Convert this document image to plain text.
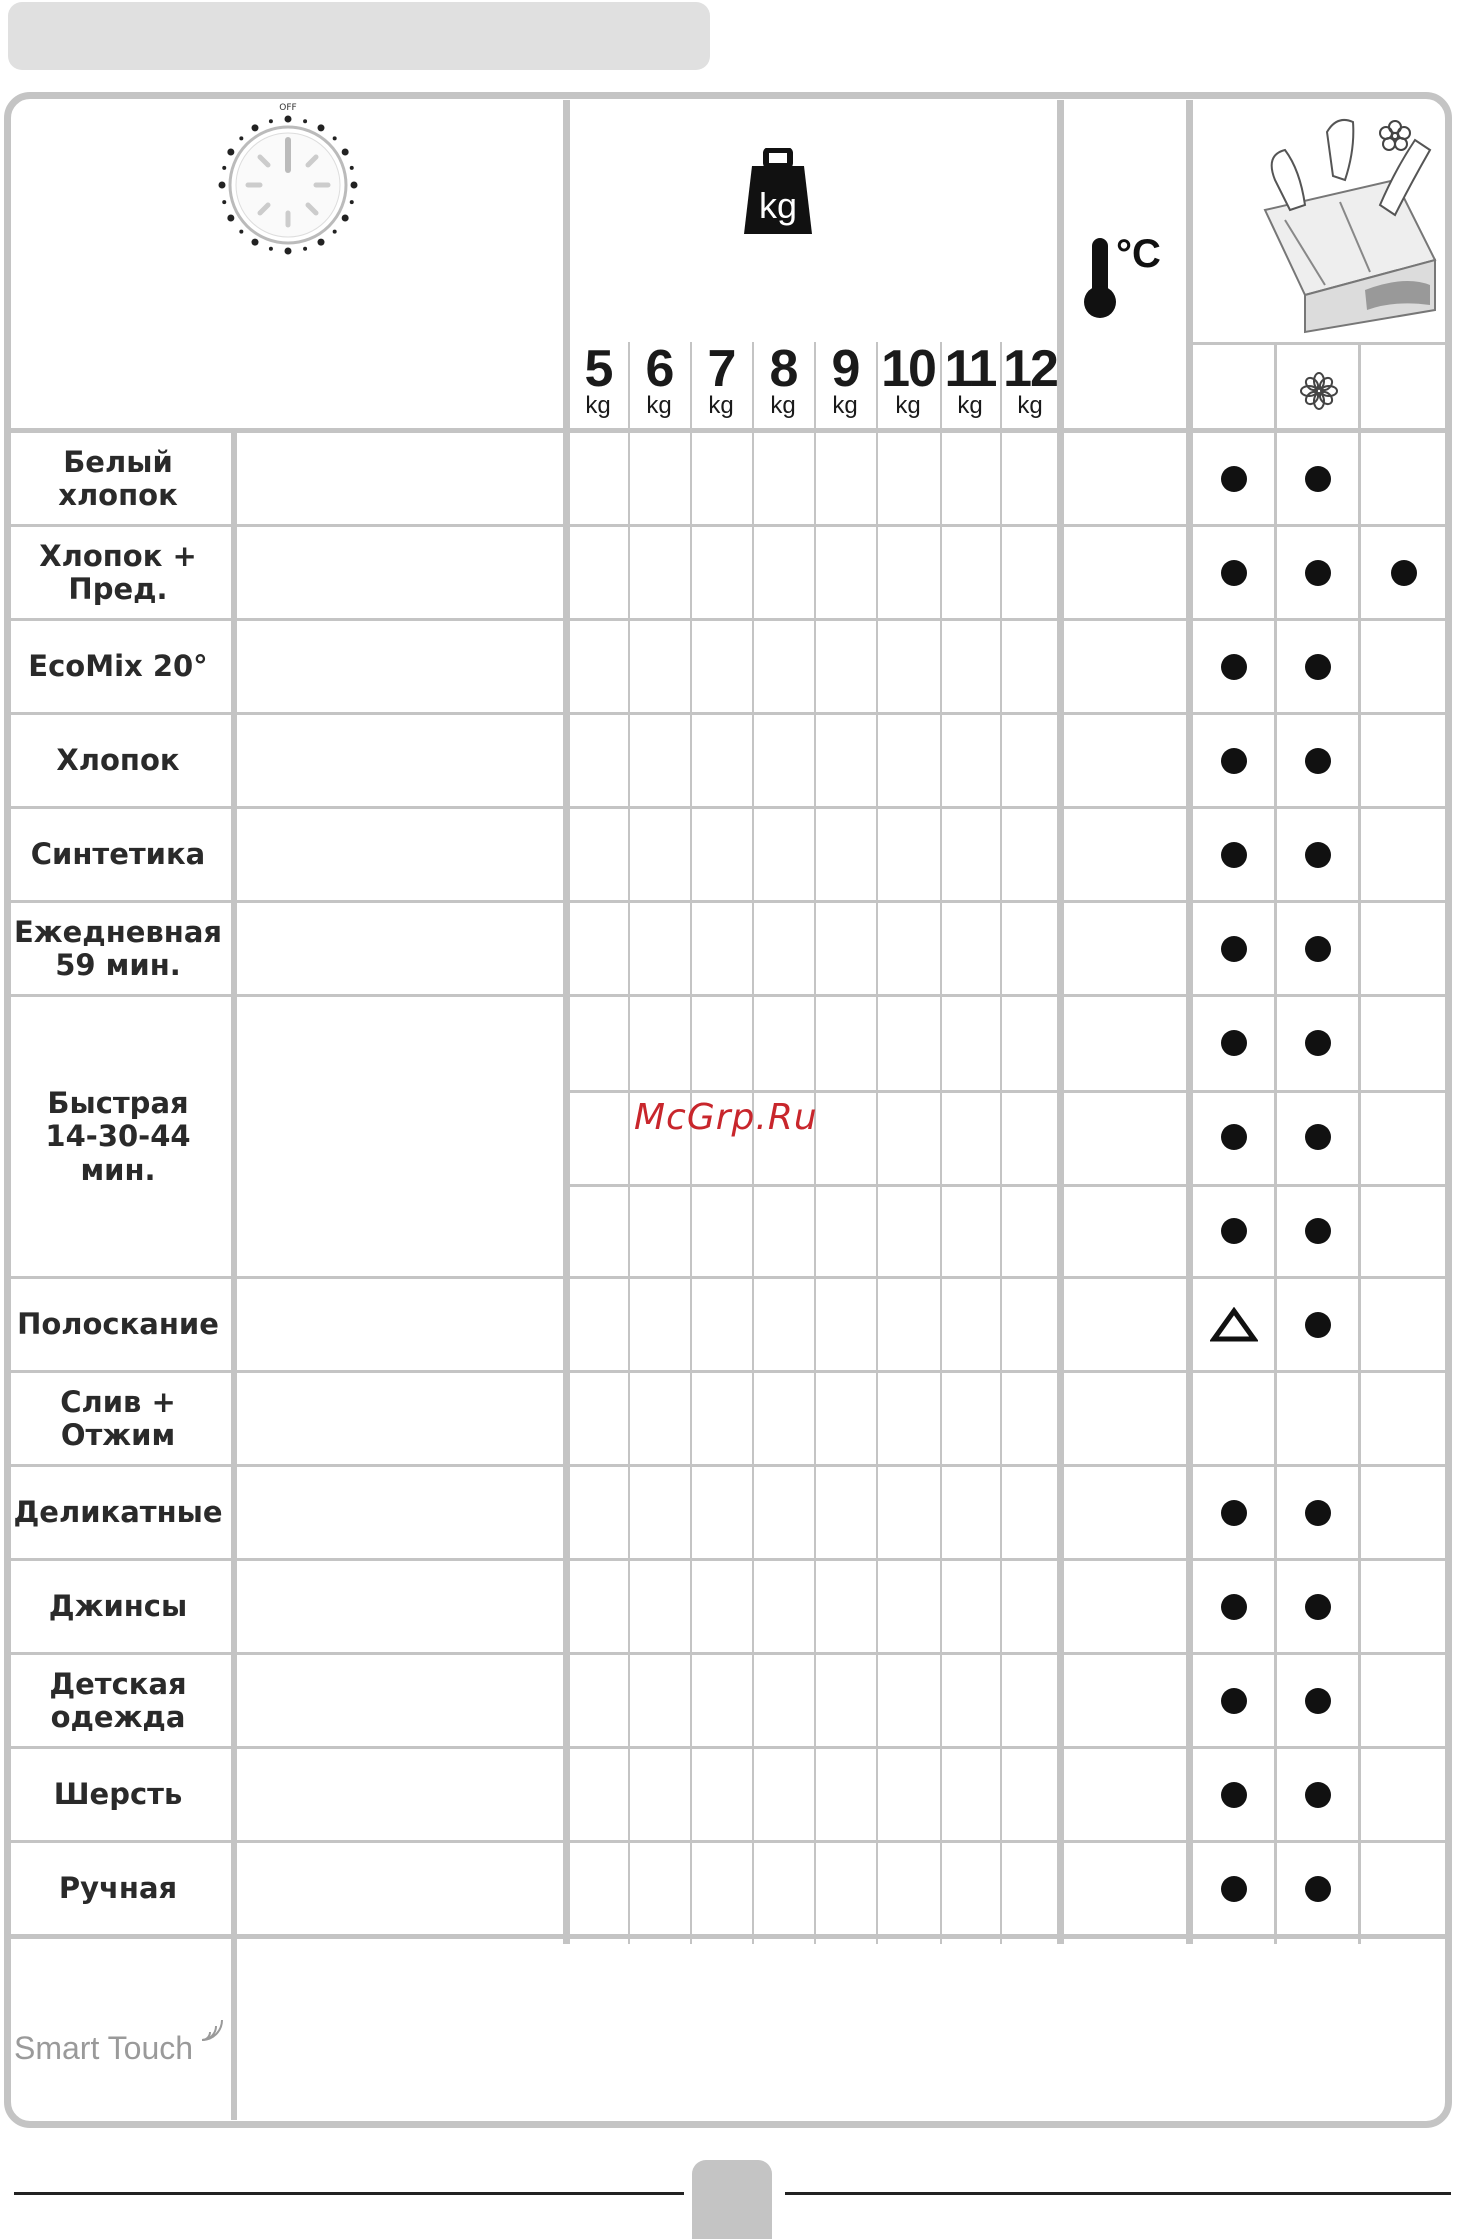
OFF
kg
°C
5
kg
6
kg
7
kg
8
kg
9
kg
10
kg
11
kg
12
kg
Белый
хлопок
Хлопок +
Пред.
EcoMix 20°
Хлопок
Синтетика
Ежедневная
59 мин.
Быстрая
14-30-44 мин.
Полоскание
Слив +
Отжим
Деликатные
Джинсы
Детская
одежда
Шерсть
Ручная
McGrp.Ru
Smart Touch
